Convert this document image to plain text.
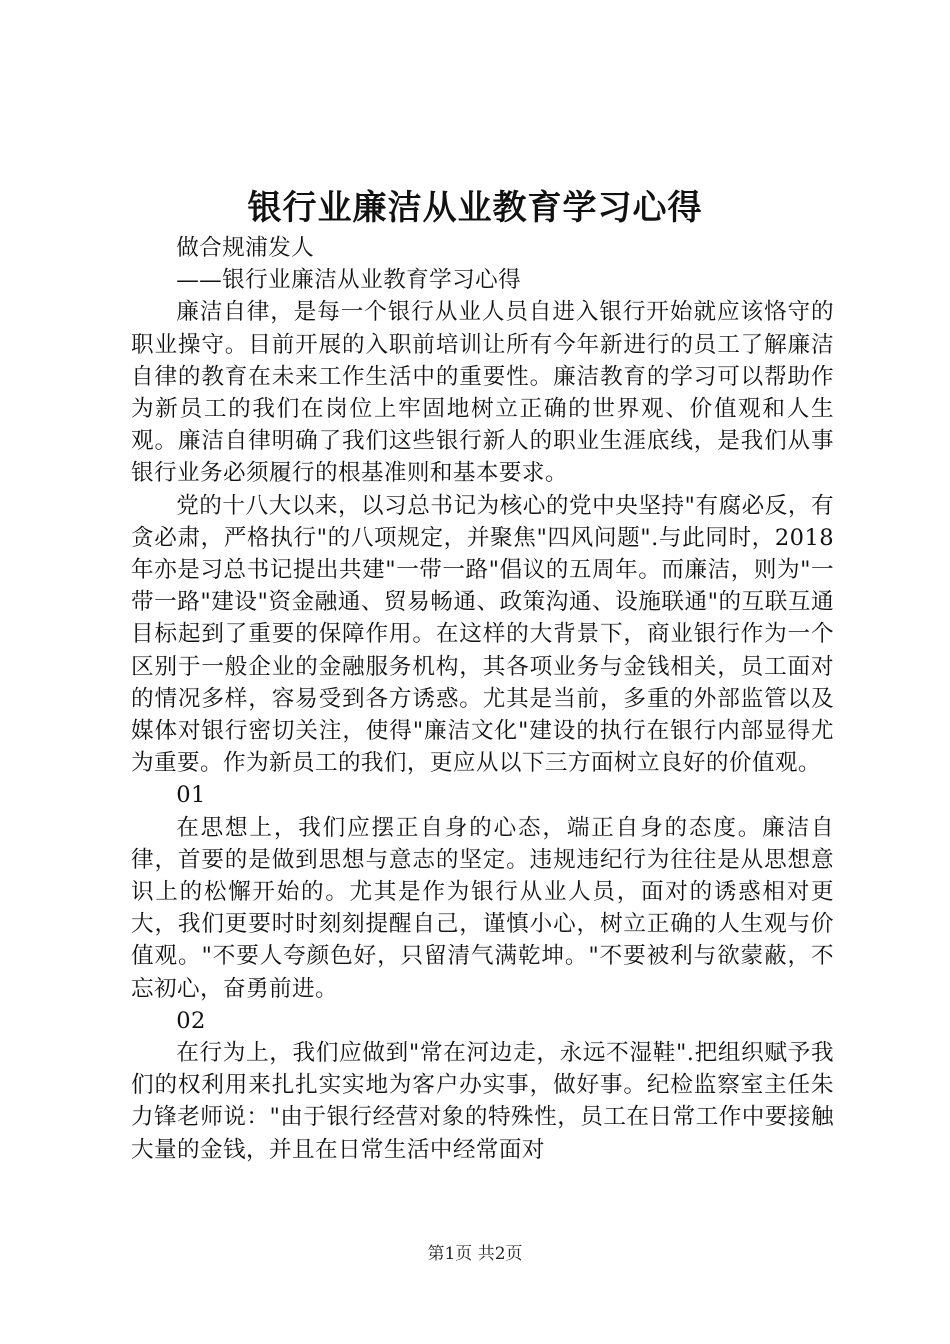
银行业廉洁从业教育学习心得

做合规浦发人

——银行业廉洁从业教育学习心得

廉洁自律，是每一个银行从业人员自进入银行开始就应该恪守的职业操守。目前开展的入职前培训让所有今年新进行的员工了解廉洁自律的教育在未来工作生活中的重要性。廉洁教育的学习可以帮助作为新员工的我们在岗位上牢固地树立正确的世界观、价值观和人生观。廉洁自律明确了我们这些银行新人的职业生涯底线，是我们从事银行业务必须履行的根基准则和基本要求。

党的十八大以来，以习总书记为核心的党中央坚持"有腐必反，有贪必肃，严格执行"的八项规定，并聚焦"四风问题".与此同时，2018年亦是习总书记提出共建"一带一路"倡议的五周年。而廉洁，则为"一带一路"建设"资金融通、贸易畅通、政策沟通、设施联通"的互联互通目标起到了重要的保障作用。在这样的大背景下，商业银行作为一个区别于一般企业的金融服务机构，其各项业务与金钱相关，员工面对的情况多样，容易受到各方诱惑。尤其是当前，多重的外部监管以及媒体对银行密切关注，使得"廉洁文化"建设的执行在银行内部显得尤为重要。作为新员工的我们，更应从以下三方面树立良好的价值观。

01

在思想上，我们应摆正自身的心态，端正自身的态度。廉洁自律，首要的是做到思想与意志的坚定。违规违纪行为往往是从思想意识上的松懈开始的。尤其是作为银行从业人员，面对的诱惑相对更大，我们更要时时刻刻提醒自己，谨慎小心，树立正确的人生观与价值观。"不要人夸颜色好，只留清气满乾坤。"不要被利与欲蒙蔽，不忘初心，奋勇前进。

02

在行为上，我们应做到"常在河边走，永远不湿鞋".把组织赋予我们的权利用来扎扎实实地为客户办实事，做好事。纪检监察室主任朱力锋老师说："由于银行经营对象的特殊性，员工在日常工作中要接触大量的金钱，并且在日常生活中经常面对

第1页 共2页
